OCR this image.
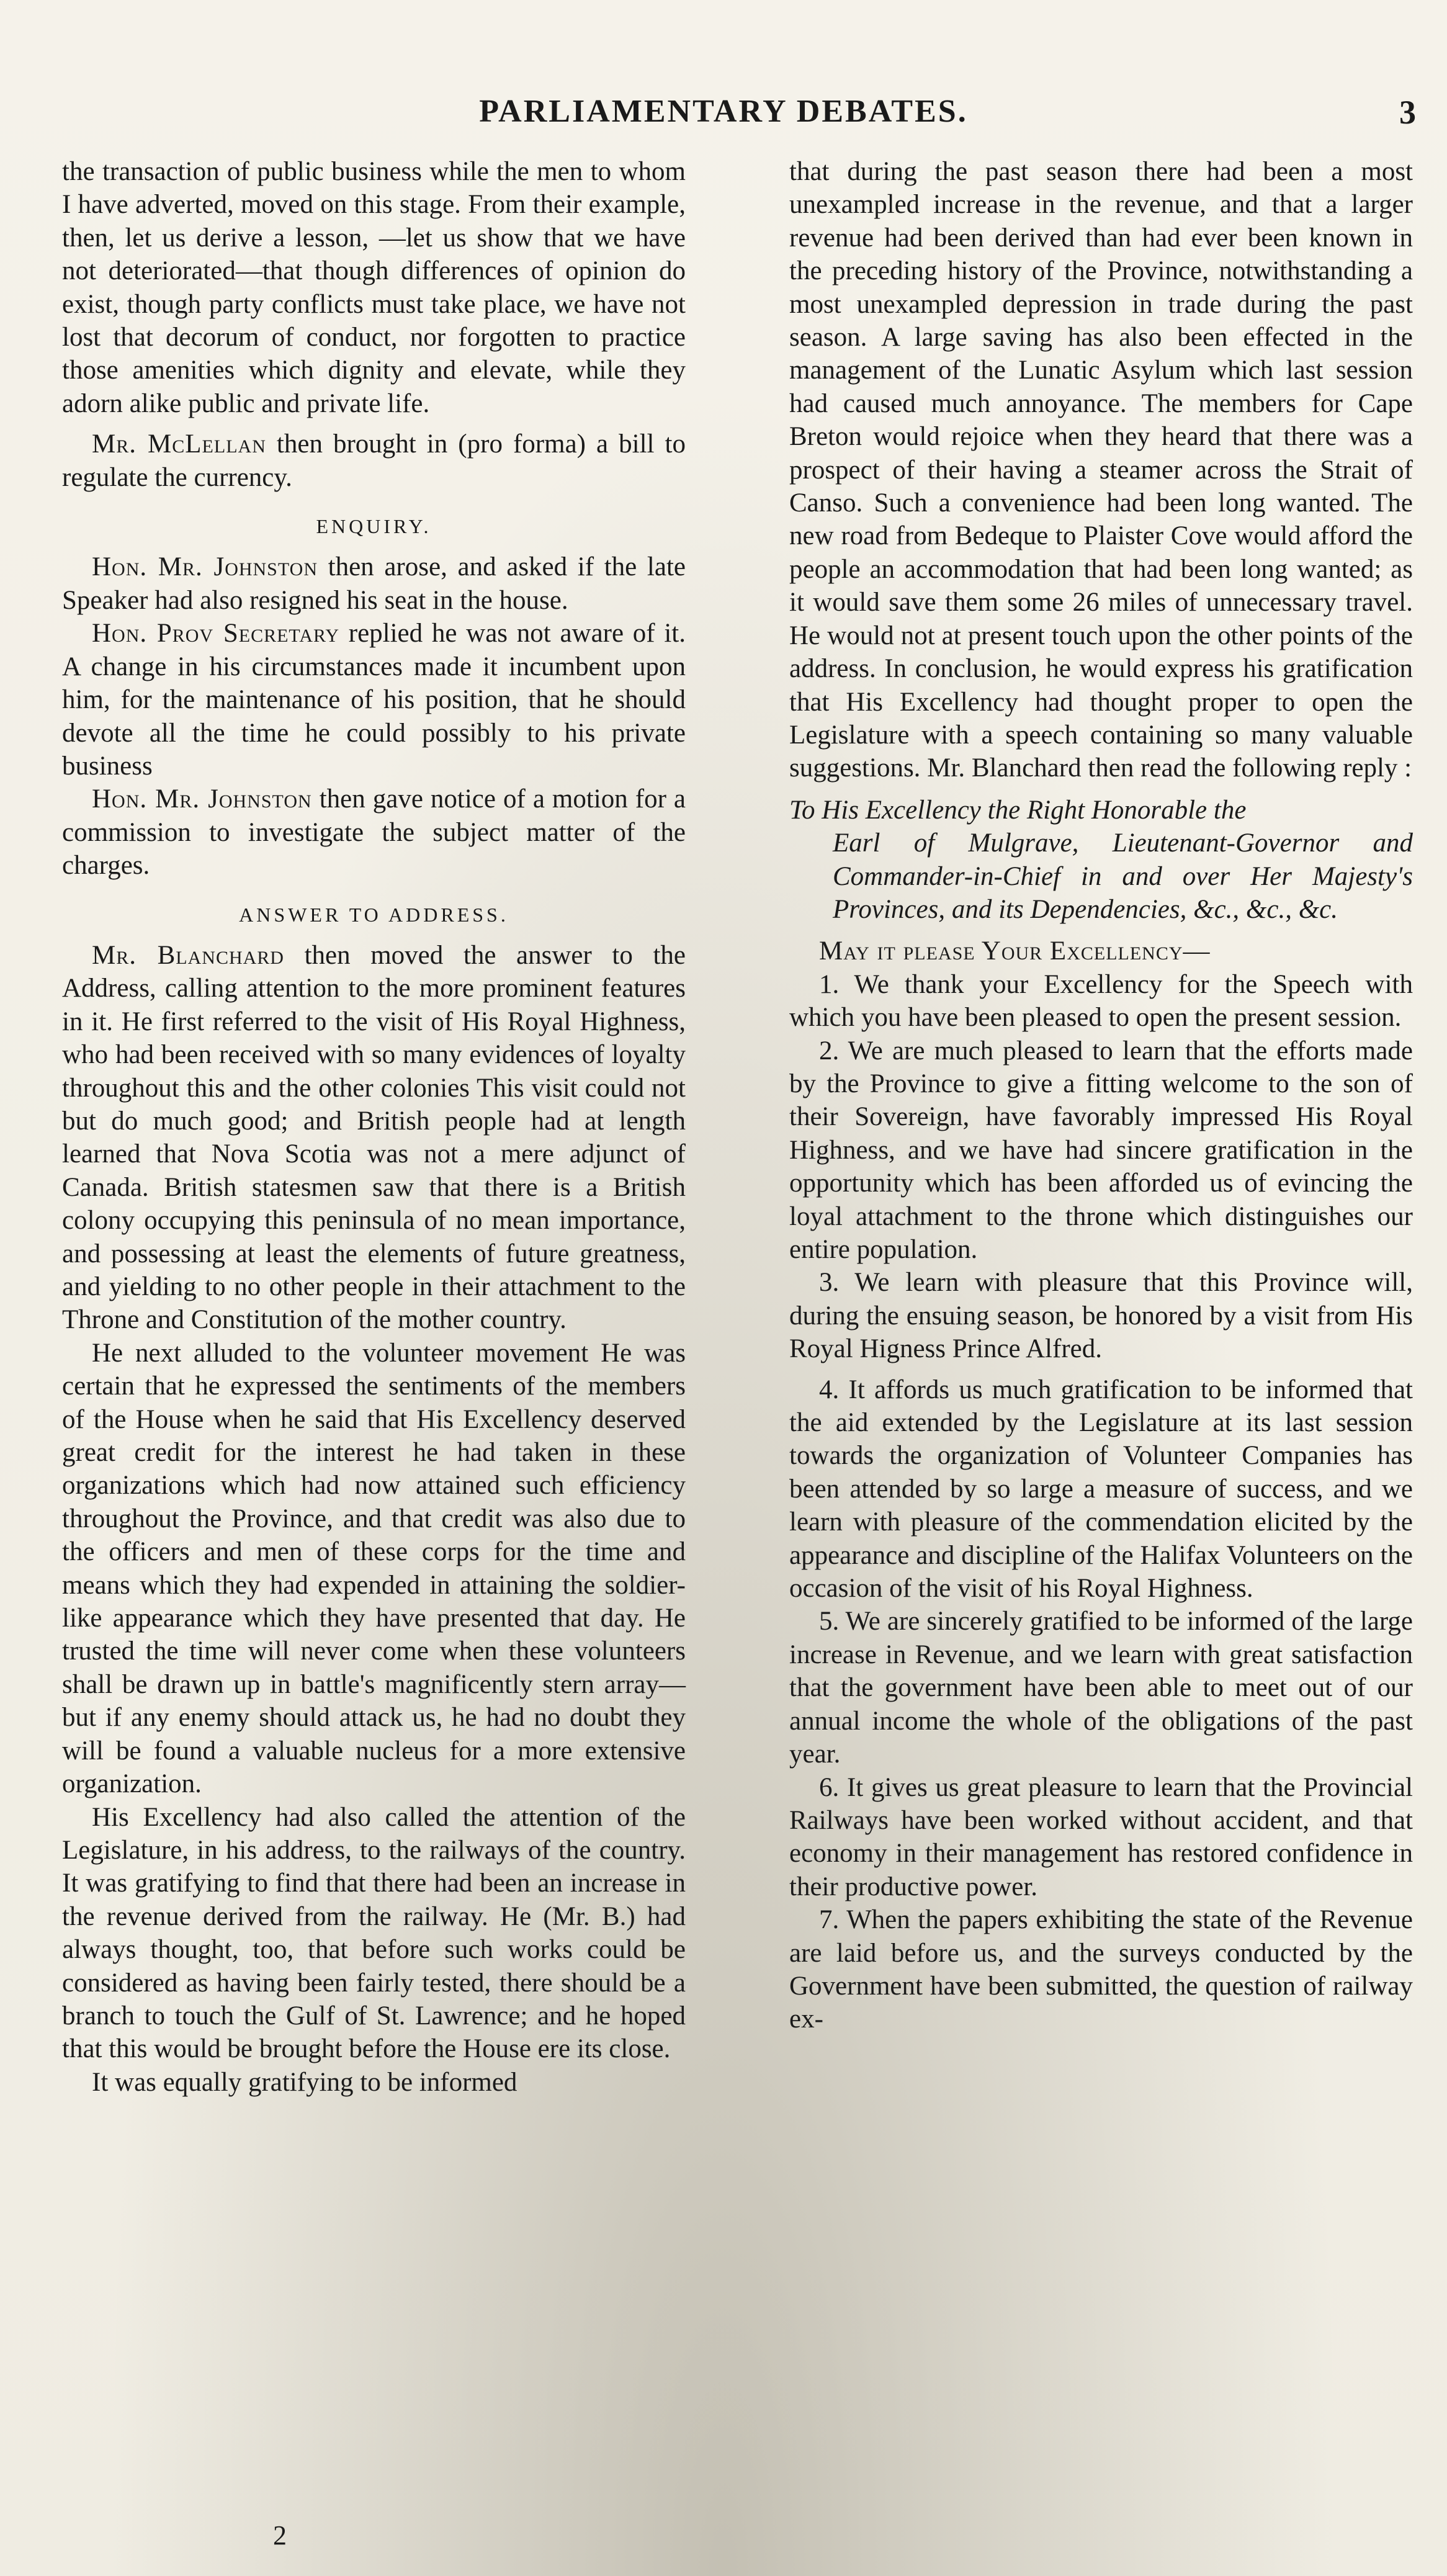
PARLIAMENTARY DEBATES.	3

the transaction of public business while the men to whom I have adverted, moved on this stage. From their example, then, let us derive a lesson, —let us show that we have not deteriorated—that though differences of opinion do exist, though party conflicts must take place, we have not lost that decorum of conduct, nor forgotten to practice those amenities which dignity and elevate, while they adorn alike public and private life.

Mr. McLellan then brought in (pro forma) a bill to regulate the currency.

ENQUIRY.

Hon. Mr. Johnston then arose, and asked if the late Speaker had also resigned his seat in the house.

Hon. Prov Secretary replied he was not aware of it. A change in his circumstances made it incumbent upon him, for the maintenance of his position, that he should devote all the time he could possibly to his private business

Hon. Mr. Johnston then gave notice of a motion for a commission to investigate the subject matter of the charges.

ANSWER TO ADDRESS.

Mr. Blanchard then moved the answer to the Address, calling attention to the more prominent features in it. He first referred to the visit of His Royal Highness, who had been received with so many evidences of loyalty throughout this and the other colonies This visit could not but do much good; and British people had at length learned that Nova Scotia was not a mere adjunct of Canada. British statesmen saw that there is a British colony occupying this peninsula of no mean importance, and possessing at least the elements of future greatness, and yielding to no other people in their attachment to the Throne and Constitution of the mother country.

He next alluded to the volunteer movement He was certain that he expressed the sentiments of the members of the House when he said that His Excellency deserved great credit for the interest he had taken in these organizations which had now attained such efficiency throughout the Province, and that credit was also due to the officers and men of these corps for the time and means which they had expended in attaining the soldier-like appearance which they have presented that day. He trusted the time will never come when these volunteers shall be drawn up in battle's magnificently stern array—but if any enemy should attack us, he had no doubt they will be found a valuable nucleus for a more extensive organization.

His Excellency had also called the attention of the Legislature, in his address, to the railways of the country. It was gratifying to find that there had been an increase in the revenue derived from the railway. He (Mr. B.) had always thought, too, that before such works could be considered as having been fairly tested, there should be a branch to touch the Gulf of St. Lawrence; and he hoped that this would be brought before the House ere its close.

It was equally gratifying to be informed

that during the past season there had been a most unexampled increase in the revenue, and that a larger revenue had been derived than had ever been known in the preceding history of the Province, notwithstanding a most unexampled depression in trade during the past season. A large saving has also been effected in the management of the Lunatic Asylum which last session had caused much annoyance. The members for Cape Breton would rejoice when they heard that there was a prospect of their having a steamer across the Strait of Canso. Such a convenience had been long wanted. The new road from Bedeque to Plaister Cove would afford the people an accommodation that had been long wanted; as it would save them some 26 miles of unnecessary travel. He would not at present touch upon the other points of the address. In conclusion, he would express his gratification that His Excellency had thought proper to open the Legislature with a speech containing so many valuable suggestions. Mr. Blanchard then read the following reply :

To His Excellency the Right Honorable the
Earl of Mulgrave, Lieutenant-Governor and Commander-in-Chief in and over Her Majesty's Provinces, and its Dependencies, &c., &c., &c.

May it please Your Excellency—

1. We thank your Excellency for the Speech with which you have been pleased to open the present session.

2. We are much pleased to learn that the efforts made by the Province to give a fitting welcome to the son of their Sovereign, have favorably impressed His Royal Highness, and we have had sincere gratification in the opportunity which has been afforded us of evincing the loyal attachment to the throne which distinguishes our entire population.

3. We learn with pleasure that this Province will, during the ensuing season, be honored by a visit from His Royal Higness Prince Alfred.

4. It affords us much gratification to be informed that the aid extended by the Legislature at its last session towards the organization of Volunteer Companies has been attended by so large a measure of success, and we learn with pleasure of the commendation elicited by the appearance and discipline of the Halifax Volunteers on the occasion of the visit of his Royal Highness.

5. We are sincerely gratified to be informed of the large increase in Revenue, and we learn with great satisfaction that the government have been able to meet out of our annual income the whole of the obligations of the past year.

6. It gives us great pleasure to learn that the Provincial Railways have been worked without accident, and that economy in their management has restored confidence in their productive power.

7. When the papers exhibiting the state of the Revenue are laid before us, and the surveys conducted by the Government have been submitted, the question of railway ex-

2
